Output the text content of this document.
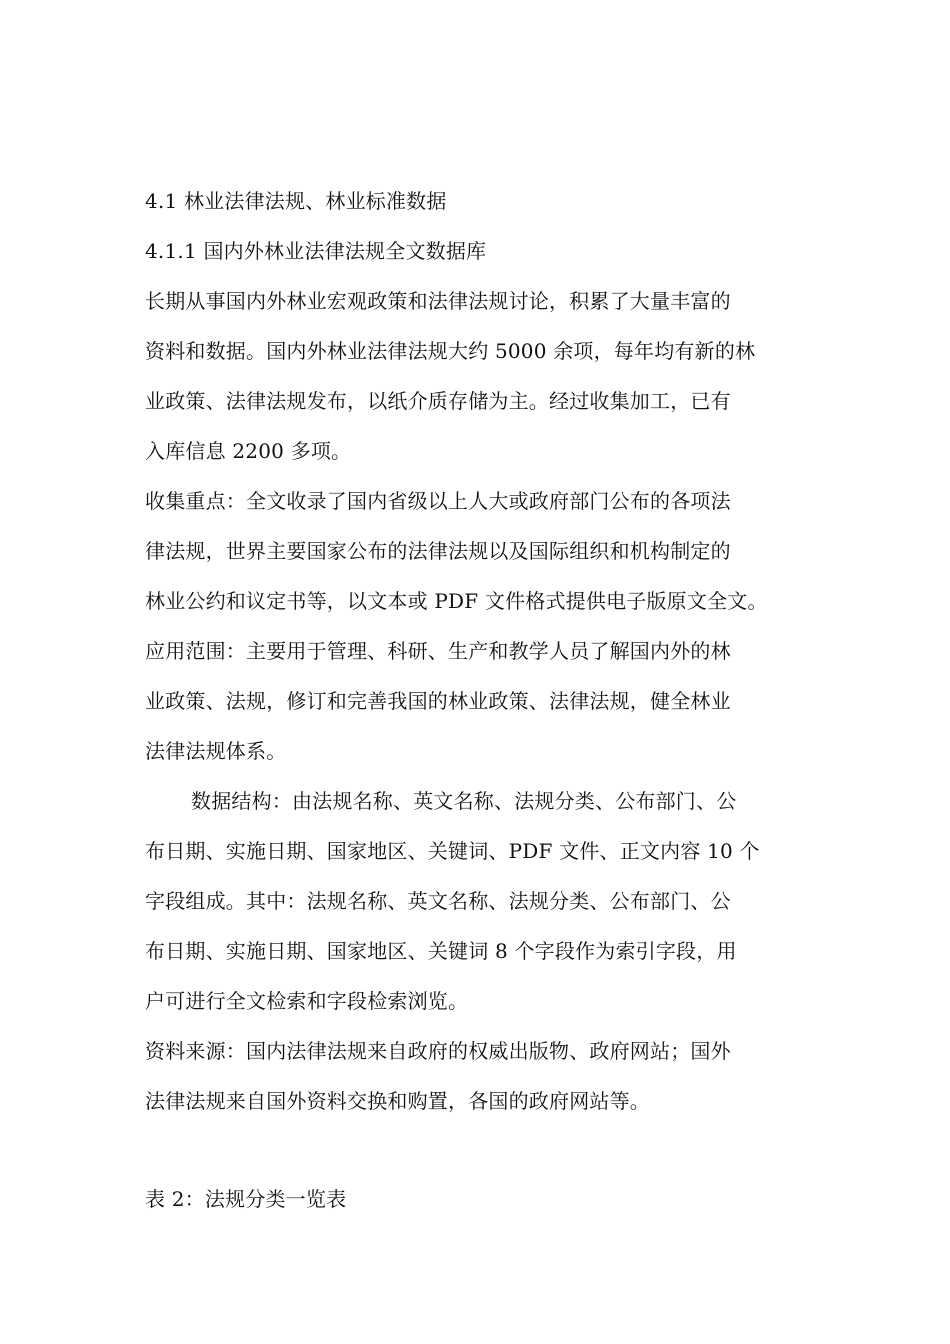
4.1 林业法律法规、林业标准数据
4.1.1 国内外林业法律法规全文数据库
长期从事国内外林业宏观政策和法律法规讨论，积累了大量丰富的
资料和数据。国内外林业法律法规大约 5000 余项，每年均有新的林
业政策、法律法规发布，以纸介质存储为主。经过收集加工，已有
入库信息 2200 多项。
收集重点：全文收录了国内省级以上人大或政府部门公布的各项法
律法规，世界主要国家公布的法律法规以及国际组织和机构制定的
林业公约和议定书等，以文本或 PDF 文件格式提供电子版原文全文。
应用范围：主要用于管理、科研、生产和教学人员了解国内外的林
业政策、法规，修订和完善我国的林业政策、法律法规，健全林业
法律法规体系。
数据结构：由法规名称、英文名称、法规分类、公布部门、公
布日期、实施日期、国家地区、关键词、PDF 文件、正文内容 10 个
字段组成。其中：法规名称、英文名称、法规分类、公布部门、公
布日期、实施日期、国家地区、关键词 8 个字段作为索引字段，用
户可进行全文检索和字段检索浏览。
资料来源：国内法律法规来自政府的权威出版物、政府网站；国外
法律法规来自国外资料交换和购置，各国的政府网站等。
表 2：法规分类一览表
